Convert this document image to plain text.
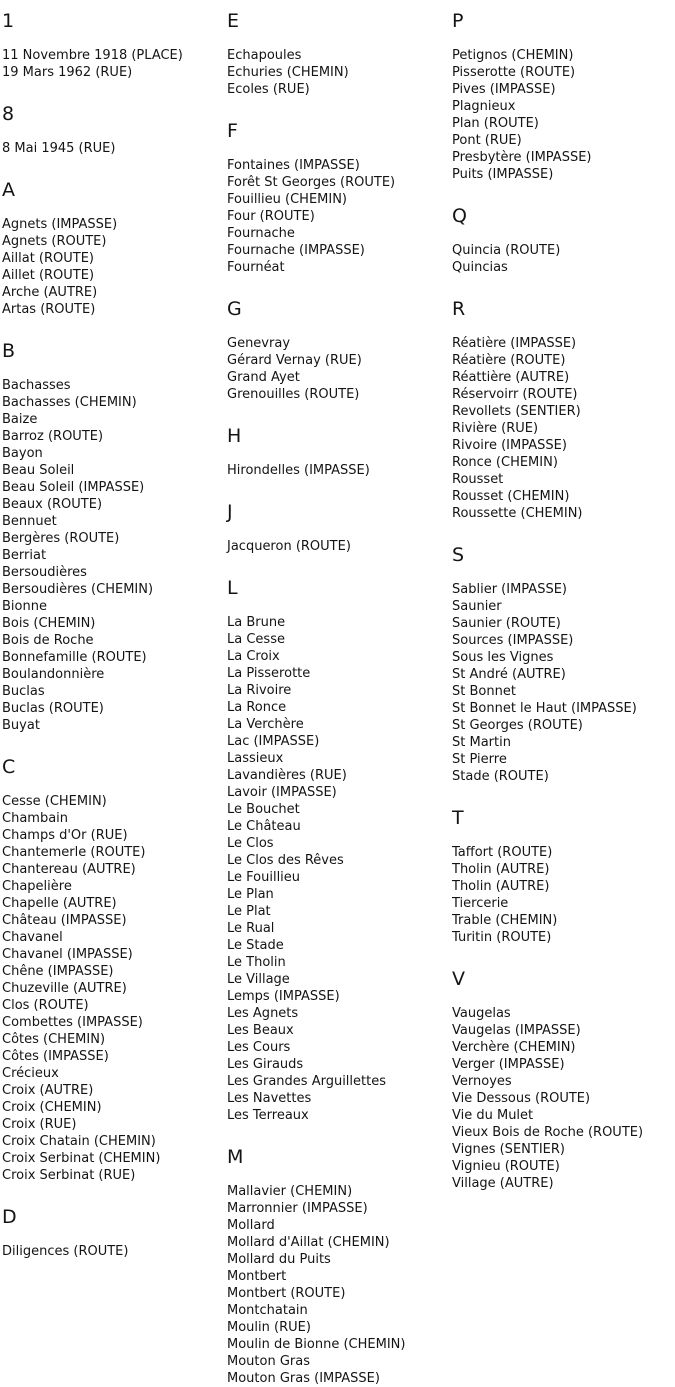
1
11 Novembre 1918 (PLACE)
19 Mars 1962 (RUE)
8
8 Mai 1945 (RUE)
A
Agnets (IMPASSE)
Agnets (ROUTE)
Aillat (ROUTE)
Aillet (ROUTE)
Arche (AUTRE)
Artas (ROUTE)
B
Bachasses
Bachasses (CHEMIN)
Baize
Barroz (ROUTE)
Bayon
Beau Soleil
Beau Soleil (IMPASSE)
Beaux (ROUTE)
Bennuet
Bergères (ROUTE)
Berriat
Bersoudières
Bersoudières (CHEMIN)
Bionne
Bois (CHEMIN)
Bois de Roche
Bonnefamille (ROUTE)
Boulandonnière
Buclas
Buclas (ROUTE)
Buyat
C
Cesse (CHEMIN)
Chambain
Champs d'Or (RUE)
Chantemerle (ROUTE)
Chantereau (AUTRE)
Chapelière
Chapelle (AUTRE)
Château (IMPASSE)
Chavanel
Chavanel (IMPASSE)
Chêne (IMPASSE)
Chuzeville (AUTRE)
Clos (ROUTE)
Combettes (IMPASSE)
Côtes (CHEMIN)
Côtes (IMPASSE)
Crécieux
Croix (AUTRE)
Croix (CHEMIN)
Croix (RUE)
Croix Chatain (CHEMIN)
Croix Serbinat (CHEMIN)
Croix Serbinat (RUE)
D
Diligences (ROUTE)
E
Echapoules
Echuries (CHEMIN)
Ecoles (RUE)
F
Fontaines (IMPASSE)
Forêt St Georges (ROUTE)
Fouillieu (CHEMIN)
Four (ROUTE)
Fournache
Fournache (IMPASSE)
Fournéat
G
Genevray
Gérard Vernay (RUE)
Grand Ayet
Grenouilles (ROUTE)
H
Hirondelles (IMPASSE)
J
Jacqueron (ROUTE)
L
La Brune
La Cesse
La Croix
La Pisserotte
La Rivoire
La Ronce
La Verchère
Lac (IMPASSE)
Lassieux
Lavandières (RUE)
Lavoir (IMPASSE)
Le Bouchet
Le Château
Le Clos
Le Clos des Rêves
Le Fouillieu
Le Plan
Le Plat
Le Rual
Le Stade
Le Tholin
Le Village
Lemps (IMPASSE)
Les Agnets
Les Beaux
Les Cours
Les Girauds
Les Grandes Arguillettes
Les Navettes
Les Terreaux
M
Mallavier (CHEMIN)
Marronnier (IMPASSE)
Mollard
Mollard d'Aillat (CHEMIN)
Mollard du Puits
Montbert
Montbert (ROUTE)
Montchatain
Moulin (RUE)
Moulin de Bionne (CHEMIN)
Mouton Gras
Mouton Gras (IMPASSE)
P
Petignos (CHEMIN)
Pisserotte (ROUTE)
Pives (IMPASSE)
Plagnieux
Plan (ROUTE)
Pont (RUE)
Presbytère (IMPASSE)
Puits (IMPASSE)
Q
Quincia (ROUTE)
Quincias
R
Réatière (IMPASSE)
Réatière (ROUTE)
Réattière (AUTRE)
Réservoirr (ROUTE)
Revollets (SENTIER)
Rivière (RUE)
Rivoire (IMPASSE)
Ronce (CHEMIN)
Rousset
Rousset (CHEMIN)
Roussette (CHEMIN)
S
Sablier (IMPASSE)
Saunier
Saunier (ROUTE)
Sources (IMPASSE)
Sous les Vignes
St André (AUTRE)
St Bonnet
St Bonnet le Haut (IMPASSE)
St Georges (ROUTE)
St Martin
St Pierre
Stade (ROUTE)
T
Taffort (ROUTE)
Tholin (AUTRE)
Tholin (AUTRE)
Tiercerie
Trable (CHEMIN)
Turitin (ROUTE)
V
Vaugelas
Vaugelas (IMPASSE)
Verchère (CHEMIN)
Verger (IMPASSE)
Vernoyes
Vie Dessous (ROUTE)
Vie du Mulet
Vieux Bois de Roche (ROUTE)
Vignes (SENTIER)
Vignieu (ROUTE)
Village (AUTRE)
